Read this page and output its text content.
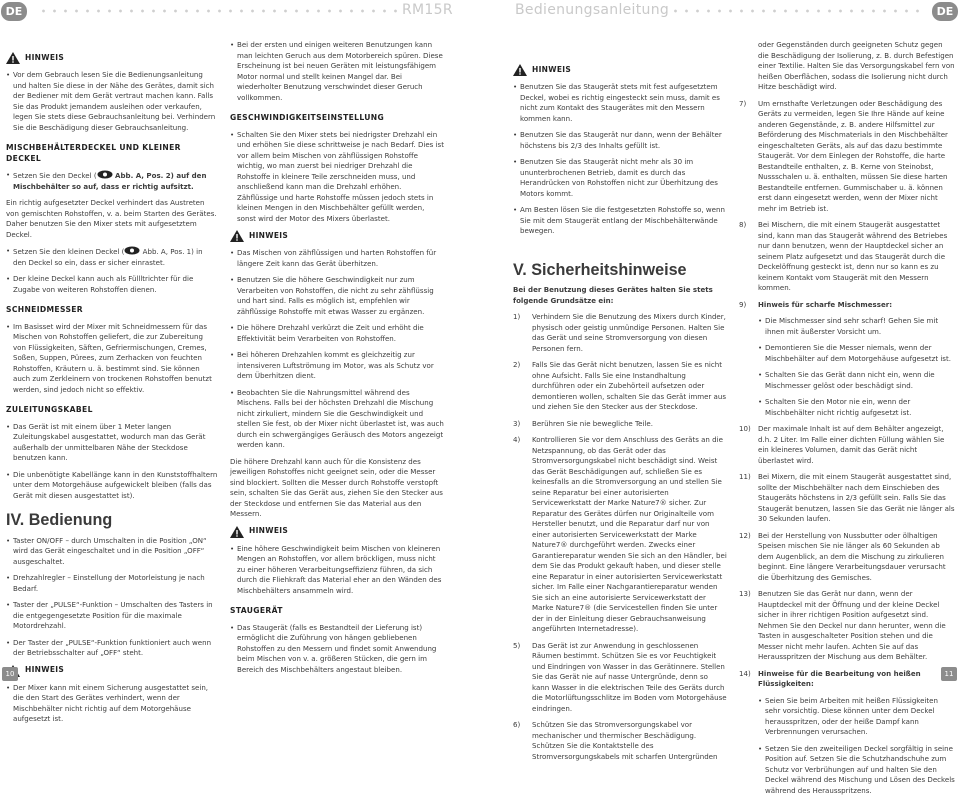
DE	RM15R	Bedienungsanleitung	DE
HINWEIS
• Vor dem Gebrauch lesen Sie die Bedienungsanleitung und halten Sie diese in der Nähe des Gerätes, damit sich der Bediener mit dem Gerät vertraut machen kann. Falls Sie das Produkt jemandem ausleihen oder verkaufen, legen Sie stets diese Gebrauchsanleitung bei. Verhindern Sie die Beschädigung dieser Gebrauchsanleitung.
MISCHBEHÄLTERDECKEL UND KLEINER DECKEL
• Setzen Sie den Deckel ( Abb. A, Pos. 2) auf den Mischbehälter so auf, dass er richtig aufsitzt.

Ein richtig aufgesetzter Deckel verhindert das Austreten von gemischten Rohstoffen, v. a. beim Starten des Gerätes. Daher benutzen Sie den Mixer stets mit aufgesetztem Deckel.

• Setzen Sie den kleinen Deckel ( Abb. A, Pos. 1) in den Deckel so ein, dass er sicher einrastet.
• Der kleine Deckel kann auch als Füllltrichter für die Zugabe von weiteren Rohstoffen dienen.
SCHNEIDMESSER
• Im Basisset wird der Mixer mit Schneidmessern für das Mischen von Rohstoffen geliefert, die zur Zubereitung von Flüssigkeiten, Säften, Gefriermischungen, Cremes, Soßen, Suppen, Pürees, zum Zerhacken von feuchten Rohstoffen, Kräutern u. ä. bestimmt sind. Sie können auch zum Zerkleinern von trockenen Rohstoffen benutzt werden, sind jedoch nicht so effektiv.
ZULEITUNGSKABEL
• Das Gerät ist mit einem über 1 Meter langen Zuleitungskabel ausgestattet, wodurch man das Gerät außerhalb der unmittelbaren Nähe der Steckdose benutzen kann.
• Die unbenötigte Kabellänge kann in den Kunststoffhaltern unter dem Motorgehäuse aufgewickelt bleiben (falls das Gerät mit diesen ausgestattet ist).
IV. Bedienung
• Taster ON/OFF – durch Umschalten in die Position „ON“ wird das Gerät eingeschaltet und in die Position „OFF“ ausgeschaltet.
• Drehzahlregler – Einstellung der Motorleistung je nach Bedarf.
• Taster der „PULSE“-Funktion – Umschalten des Tasters in die entgegengesetzte Position für die maximale Motordrehzahl.
• Der Taster der „PULSE“-Funktion funktioniert auch wenn der Betriebsschalter auf „OFF“ steht.
HINWEIS
• Der Mixer kann mit einem Sicherung ausgestattet sein, die den Start des Gerätes verhindert, wenn der Mischbehälter nicht richtig auf dem Motorgehäuse aufgesetzt ist.
• Bei der ersten und einigen weiteren Benutzungen kann man leichten Geruch aus dem Motorbereich spüren. Diese Erscheinung ist bei neuen Geräten mit leistungsfähigem Motor normal und stellt keinen Mangel dar. Bei wiederholter Benutzung verschwindet dieser Geruch vollkommen.
GESCHWINDIGKEITSEINSTELLUNG
• Schalten Sie den Mixer stets bei niedrigster Drehzahl ein und erhöhen Sie diese schrittweise je nach Bedarf. Dies ist vor allem beim Mischen von zähflüssigen Rohstoffe wichtig, wo man zuerst bei niedriger Drehzahl die Rohstoffe in kleinere Teile zerschneiden muss, und anschließend kann man die Drehzahl erhöhen. Zähflüssige und harte Rohstoffe müssen jedoch stets in kleinen Mengen in den Mischbehälter gefüllt werden, sonst wird der Motor des Mixers überlastet.
HINWEIS
• Das Mischen von zähflüssigen und harten Rohstoffen für längere Zeit kann das Gerät überhitzen.
• Benutzen Sie die höhere Geschwindigkeit nur zum Verarbeiten von Rohstoffen, die nicht zu sehr zähflüssig und hart sind. Falls es möglich ist, empfehlen wir zähflüssige Rohstoffe mit etwas Wasser zu ergänzen.
• Die höhere Drehzahl verkürzt die Zeit und erhöht die Effektivität beim Verarbeiten von Rohstoffen.
• Bei höheren Drehzahlen kommt es gleichzeitig zur intensiveren Luftströmung im Motor, was als Schutz vor dem Überhitzen dient.
• Beobachten Sie die Nahrungsmittel während des Mischens. Falls bei der höchsten Drehzahl die Mischung nicht zirkuliert, mindern Sie die Geschwindigkeit und stellen Sie fest, ob der Mixer nicht überlastet ist, was auch durch ein schwergängiges Geräusch des Motors angezeigt werden kann.

Die höhere Drehzahl kann auch für die Konsistenz des jeweiligen Rohstoffes nicht geeignet sein, oder die Messer sind blockiert. Sollten die Messer durch Rohstoffe verstopft sein, schalten Sie das Gerät aus, ziehen Sie den Stecker aus der Steckdose und entfernen Sie das Material aus den Messern.

HINWEIS
• Eine höhere Geschwindigkeit beim Mischen von kleineren Mengen an Rohstoffen, vor allem bröckligen, muss nicht zu einer höheren Verarbeitungseffizienz führen, da sich durch die Fliehkraft das Material eher an den Wänden des Mischbehälters ansammeln wird.
STAUGERÄT
• Das Staugerät (falls es Bestandteil der Lieferung ist) ermöglicht die Zuführung von hängen gebliebenen Rohstoffen zu den Messern und findet somit Anwendung beim Mischen von v. a. größeren Stücken, die gern im Bereich des Mischbehälters angestaut bleiben.
HINWEIS
• Benutzen Sie das Staugerät stets mit fest aufgesetztem Deckel, wobei es richtig eingesteckt sein muss, damit es nicht zum Kontakt des Staugerätes mit den Messern kommen kann.
• Benutzen Sie das Staugerät nur dann, wenn der Behälter höchstens bis 2/3 des Inhalts gefüllt ist.
• Benutzen Sie das Staugerät nicht mehr als 30 im ununterbrochenen Betrieb, damit es durch das Herandrücken von Rohstoffen nicht zur Überhitzung des Motors kommt.
• Am Besten lösen Sie die festgesetzten Rohstoffe so, wenn Sie mit dem Staugerät entlang der Mischbehälterwände bewegen.
V. Sicherheitshinweise

Bei der Benutzung dieses Gerätes halten Sie stets folgende Grundsätze ein:

1) Verhindern Sie die Benutzung des Mixers durch Kinder, physisch oder geistig unmündige Personen. Halten Sie das Gerät und seine Stromversorgung von diesen Personen fern.
2) Falls Sie das Gerät nicht benutzen, lassen Sie es nicht ohne Aufsicht. Falls Sie eine Instandhaltung durchführen oder ein Zubehörteil aufsetzen oder demontieren wollen, schalten Sie das Gerät immer aus und ziehen Sie den Stecker aus der Steckdose.
3) Berühren Sie nie bewegliche Teile.
4) Kontrollieren Sie vor dem Anschluss des Geräts an die Netzspannung, ob das Gerät oder das Stromversorgungskabel nicht beschädigt sind. Weist das Gerät Beschädigungen auf, schließen Sie es keinesfalls an die Stromversorgung an und stellen Sie seine Reparatur bei einer autorisierten Servicewerkstatt der Marke Nature7® sicher. Zur Reparatur des Gerätes dürfen nur Originalteile vom Hersteller benutzt, und die Reparatur darf nur von einer autorisierten Servicewerkstatt der Marke Nature7® durchgeführt werden. Zwecks einer Garantiereparatur wenden Sie sich an den Händler, bei dem Sie das Produkt gekauft haben, und dieser stelle eine Reparatur in einer autorisierten Servicewerkstatt sicher. Im Falle einer Nachgarantiereparatur wenden Sie sich an eine autorisierte Servicewerkstatt der Marke Nature7® (die Servicestellen finden Sie unter der in der Einleitung dieser Gebrauchsanweisung angeführten Internetadresse).
5) Das Gerät ist zur Anwendung in geschlossenen Räumen bestimmt. Schützen Sie es vor Feuchtigkeit und Eindringen von Wasser in das Gerätinnere. Stellen Sie das Gerät nie auf nasse Untergründe, denn so kann Wasser in die elektrischen Teile des Geräts durch die Motorlüftungsschlitze im Boden vom Motorgehäuse eindringen.
6) Schützen Sie das Stromversorgungskabel vor mechanischer und thermischer Beschädigung. Schützen Sie die Kontaktstelle des Stromversorgungskabels mit scharfen Untergründen

oder Gegenständen durch geeigneten Schutz gegen die Beschädigung der Isolierung, z. B. durch Befestigen einer Textilie. Halten Sie das Versorgungskabel fern von heißen Oberflächen, sodass die Isolierung nicht durch Hitze beschädigt wird.

7) Um ernsthafte Verletzungen oder Beschädigung des Geräts zu vermeiden, legen Sie Ihre Hände auf keine anderen Gegenstände, z. B. andere Hilfsmittel zur Beförderung des Mischmaterials in den Mischbehälter eingeschalteten Geräts, als auf das dazu bestimmte Staugerät. Vor dem Einlegen der Rohstoffe, die harte Bestandteile enthalten, z. B. Kerne von Steinobst, Nussschalen u. ä. enthalten, müssen Sie diese harten Bestandteile entfernen. Gummischaber u. ä. können erst dann eingesetzt werden, wenn der Mixer nicht mehr im Betrieb ist.
8) Bei Mischern, die mit einem Staugerät ausgestattet sind, kann man das Staugerät während des Betriebes nur dann benutzen, wenn der Hauptdeckel sicher an seinem Platz aufgesetzt und das Staugerät durch die Deckelöffnung gesteckt ist, denn nur so kann es zu keinem Kontakt vom Staugerät mit den Messern kommen.
9) Hinweis für scharfe Mischmesser:
• Die Mischmesser sind sehr scharf! Gehen Sie mit ihnen mit äußerster Vorsicht um.
• Demontieren Sie die Messer niemals, wenn der Mischbehälter auf dem Motorgehäuse aufgesetzt ist.
• Schalten Sie das Gerät dann nicht ein, wenn die Mischmesser gelöst oder beschädigt sind.
• Schalten Sie den Motor nie ein, wenn der Mischbehälter nicht richtig aufgesetzt ist.
10) Der maximale Inhalt ist auf dem Behälter angezeigt, d.h. 2 Liter. Im Falle einer dichten Füllung wählen Sie ein kleineres Volumen, damit das Gerät nicht überlastet wird.
11) Bei Mixern, die mit einem Staugerät ausgestattet sind, sollte der Mischbehälter nach dem Einschieben des Staugeräts höchstens in 2/3 gefüllt sein. Falls Sie das Staugerät benutzen, lassen Sie das Gerät nie länger als 30 Sekunden laufen.
12) Bei der Herstellung von Nussbutter oder ölhaltigen Speisen mischen Sie nie länger als 60 Sekunden ab dem Augenblick, an dem die Mischung zu zirkulieren beginnt. Eine längere Verarbeitungsdauer verursacht die Überhitzung des Gemisches.
13) Benutzen Sie das Gerät nur dann, wenn der Hauptdeckel mit der Öffnung und der kleine Deckel sicher in ihrer richtigen Position aufgesetzt sind. Nehmen Sie den Deckel nur dann herunter, wenn die Tasten in ausgeschalteter Position stehen und die Messer nicht mehr laufen. Achten Sie auf das Herausspritzen der Mischung aus dem Behälter.
14) Hinweise für die Bearbeitung von heißen Flüssigkeiten:
• Seien Sie beim Arbeiten mit heißen Flüssigkeiten sehr vorsichtig. Diese können unter dem Deckel herausspritzen, oder der heiße Dampf kann Verbrennungen verursachen.
• Setzen Sie den zweiteiligen Deckel sorgfältig in seine Position auf. Setzen Sie die Schutzhandschuhe zum Schutz vor Verbrühungen auf und halten Sie den Deckel während des Mischung und Lösen des Deckels während des Herausspritzens.
10	11
